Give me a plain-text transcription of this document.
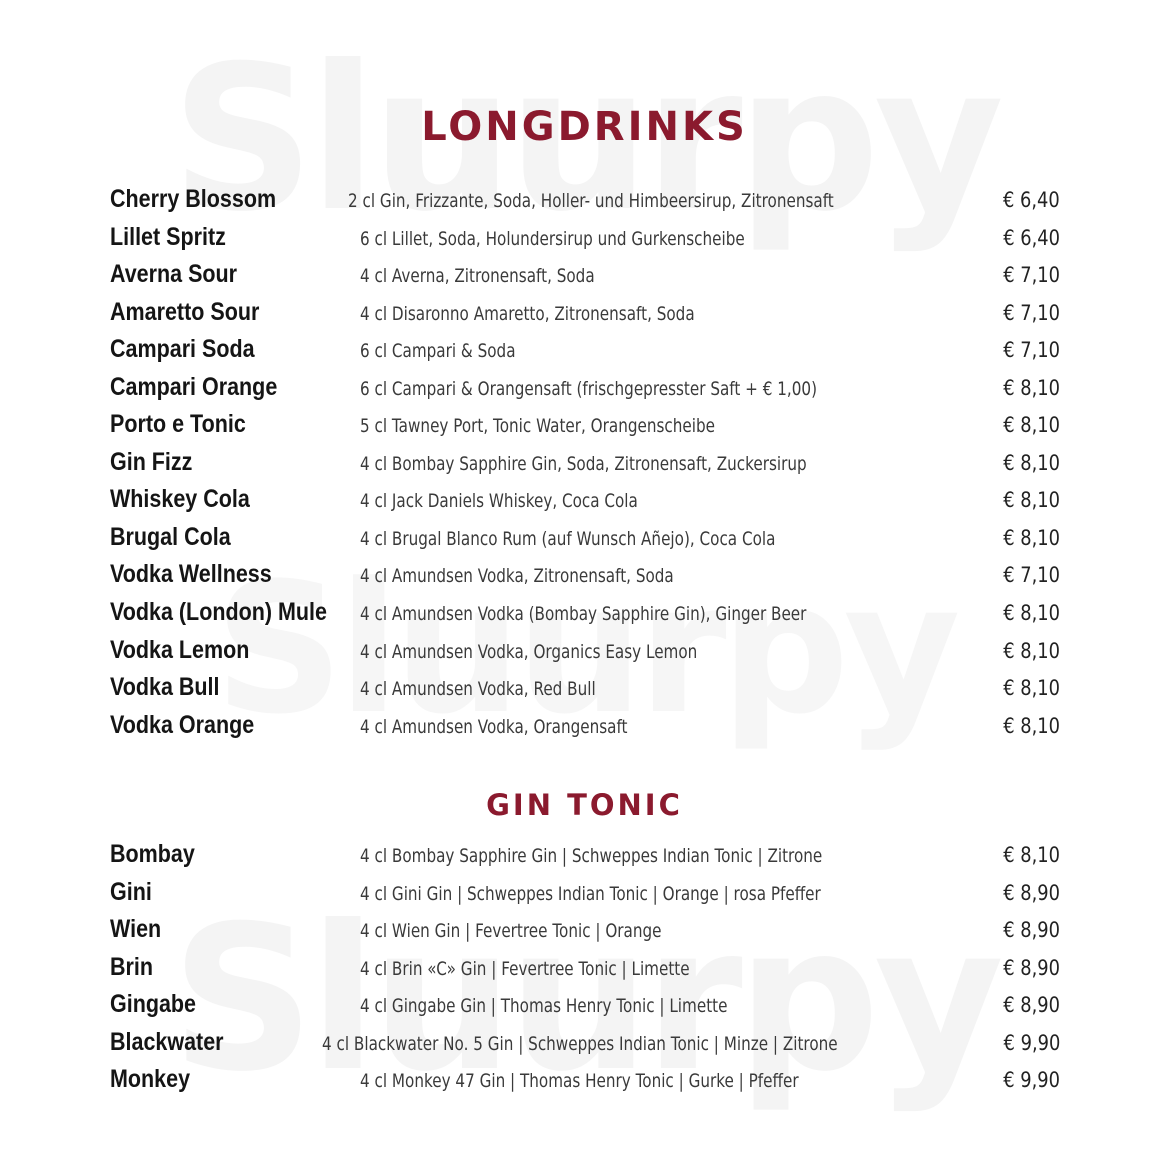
LONGDRINKS
Cherry Blossom	2 cl Gin, Frizzante, Soda, Holler- und Himbeersirup, Zitronensaft	€ 6,40
Lillet Spritz	6 cl Lillet, Soda, Holundersirup und Gurkenscheibe	€ 6,40
Averna Sour	4 cl Averna, Zitronensaft, Soda	€ 7,10
Amaretto Sour	4 cl Disaronno Amaretto, Zitronensaft, Soda	€ 7,10
Campari Soda	6 cl Campari & Soda	€ 7,10
Campari Orange	6 cl Campari & Orangensaft (frischgepresster Saft + € 1,00)	€ 8,10
Porto e Tonic	5 cl Tawney Port, Tonic Water, Orangenscheibe	€ 8,10
Gin Fizz	4 cl Bombay Sapphire Gin, Soda, Zitronensaft, Zuckersirup	€ 8,10
Whiskey Cola	4 cl Jack Daniels Whiskey, Coca Cola	€ 8,10
Brugal Cola	4 cl Brugal Blanco Rum (auf Wunsch Añejo), Coca Cola	€ 8,10
Vodka Wellness	4 cl Amundsen Vodka, Zitronensaft, Soda	€ 7,10
Vodka (London) Mule 4 cl Amundsen Vodka (Bombay Sapphire Gin), Ginger Beer	€ 8,10
Vodka Lemon	4 cl Amundsen Vodka, Organics Easy Lemon	€ 8,10
Vodka Bull	4 cl Amundsen Vodka, Red Bull	€ 8,10
Vodka Orange	4 cl Amundsen Vodka, Orangensaft	€ 8,10
GIN TONIC
Bombay	4 cl Bombay Sapphire Gin | Schweppes Indian Tonic | Zitrone	€ 8,10
Gini	4 cl Gini Gin | Schweppes Indian Tonic | Orange | rosa Pfeffer	€ 8,90
Wien	4 cl Wien Gin | Fevertree Tonic | Orange	€ 8,90
Brin	4 cl Brin «C» Gin | Fevertree Tonic | Limette	€ 8,90
Gingabe	4 cl Gingabe Gin | Thomas Henry Tonic | Limette	€ 8,90
Blackwater	4 cl Blackwater No. 5 Gin | Schweppes Indian Tonic | Minze | Zitrone	€ 9,90
Monkey	4 cl Monkey 47 Gin | Thomas Henry Tonic | Gurke | Pfeffer	€ 9,90
